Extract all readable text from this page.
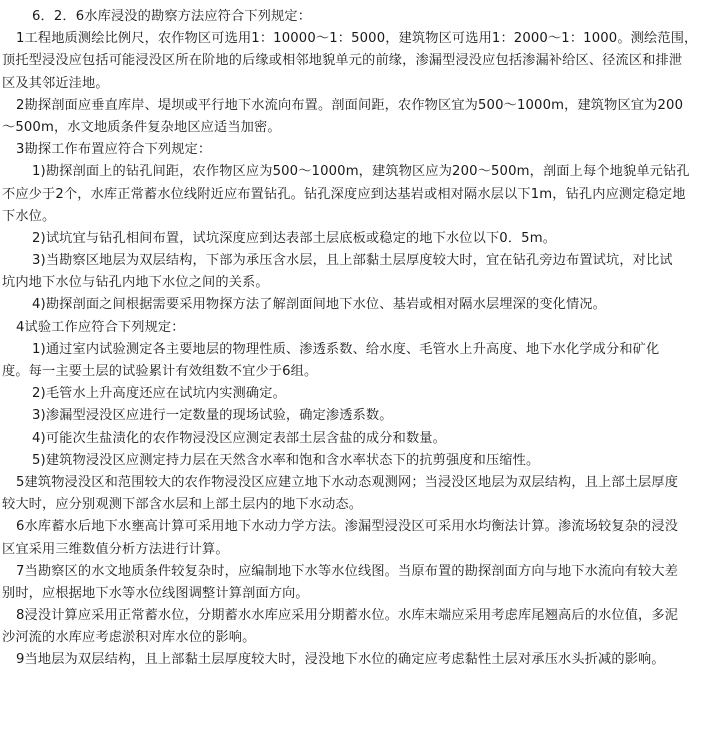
6．2．6水库浸没的勘察方法应符合下列规定：
1工程地质测绘比例尺，农作物区可选用1：10000～1：5000，建筑物区可选用1：2000～1：1000。测绘范围，
顶托型浸没应包括可能浸没区所在阶地的后缘或相邻地貌单元的前缘，渗漏型浸没应包括渗漏补给区、径流区和排泄
区及其邻近洼地。
2勘探剖面应垂直库岸、堤坝或平行地下水流向布置。剖面间距，农作物区宜为500～1000m，建筑物区宜为200
～500m，水文地质条件复杂地区应适当加密。
3勘探工作布置应符合下列规定：
1)勘探剖面上的钻孔间距，农作物区应为500～1000m，建筑物区应为200～500m，剖面上每个地貌单元钻孔
不应少于2个，水库正常蓄水位线附近应布置钻孔。钻孔深度应到达基岩或相对隔水层以下1m，钻孔内应测定稳定地
下水位。
2)试坑宜与钻孔相间布置，试坑深度应到达表部土层底板或稳定的地下水位以下0．5m。
3)当勘察区地层为双层结构，下部为承压含水层，且上部黏土层厚度较大时，宜在钻孔旁边布置试坑，对比试
坑内地下水位与钻孔内地下水位之间的关系。
4)勘探剖面之间根据需要采用物探方法了解剖面间地下水位、基岩或相对隔水层埋深的变化情况。
4试验工作应符合下列规定：
1)通过室内试验测定各主要地层的物理性质、渗透系数、给水度、毛管水上升高度、地下水化学成分和矿化
度。每一主要土层的试验累计有效组数不宜少于6组。
2)毛管水上升高度还应在试坑内实测确定。
3)渗漏型浸没区应进行一定数量的现场试验，确定渗透系数。
4)可能次生盐渍化的农作物浸没区应测定表部土层含盐的成分和数量。
5)建筑物浸没区应测定持力层在天然含水率和饱和含水率状态下的抗剪强度和压缩性。
5建筑物浸没区和范围较大的农作物浸没区应建立地下水动态观测网；当浸没区地层为双层结构，且上部土层厚度
较大时，应分别观测下部含水层和上部土层内的地下水动态。
6水库蓄水后地下水壅高计算可采用地下水动力学方法。渗漏型浸没区可采用水均衡法计算。渗流场较复杂的浸没
区宜采用三维数值分析方法进行计算。
7当勘察区的水文地质条件较复杂时，应编制地下水等水位线图。当原布置的勘探剖面方向与地下水流向有较大差
别时，应根据地下水等水位线图调整计算剖面方向。
8浸没计算应采用正常蓄水位，分期蓄水水库应采用分期蓄水位。水库末端应采用考虑库尾翘高后的水位值，多泥
沙河流的水库应考虑淤积对库水位的影响。
9当地层为双层结构，且上部黏土层厚度较大时，浸没地下水位的确定应考虑黏性土层对承压水头折减的影响。
